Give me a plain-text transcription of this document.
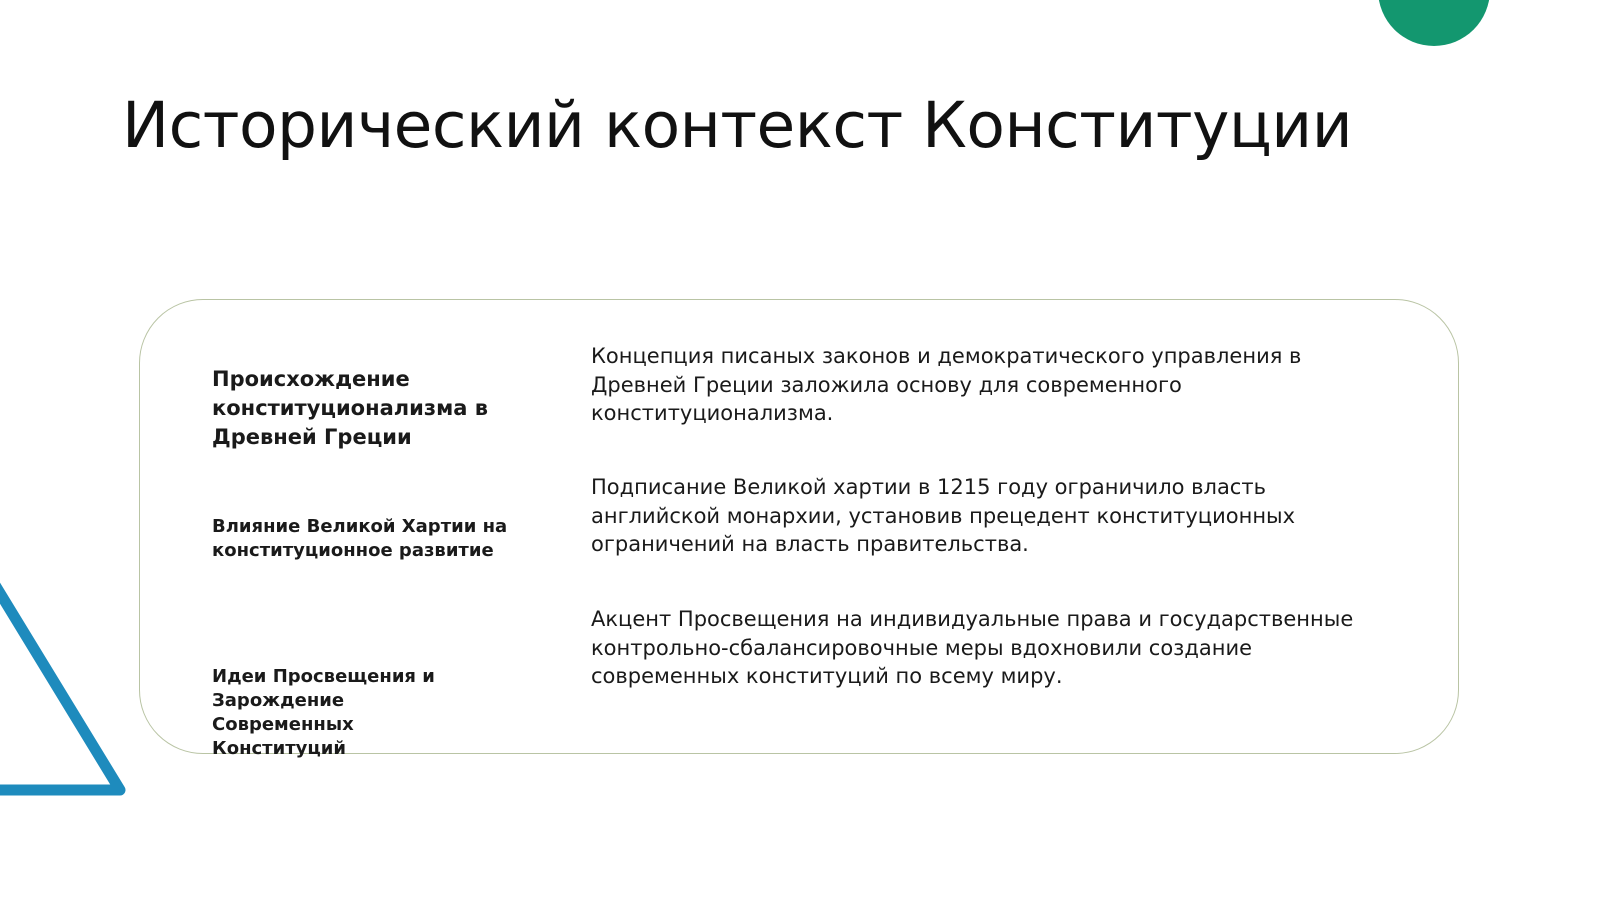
Исторический контекст Конституции

Происхождение конституционализма в Древней Греции

Концепция писаных законов и демократического управления в Древней Греции заложила основу для современного конституционализма.

Влияние Великой Хартии на конституционное развитие

Подписание Великой хартии в 1215 году ограничило власть английской монархии, установив прецедент конституционных ограничений на власть правительства.

Идеи Просвещения и Зарождение Современных Конституций

Акцент Просвещения на индивидуальные права и государственные контрольно-сбалансировочные меры вдохновили создание современных конституций по всему миру.
